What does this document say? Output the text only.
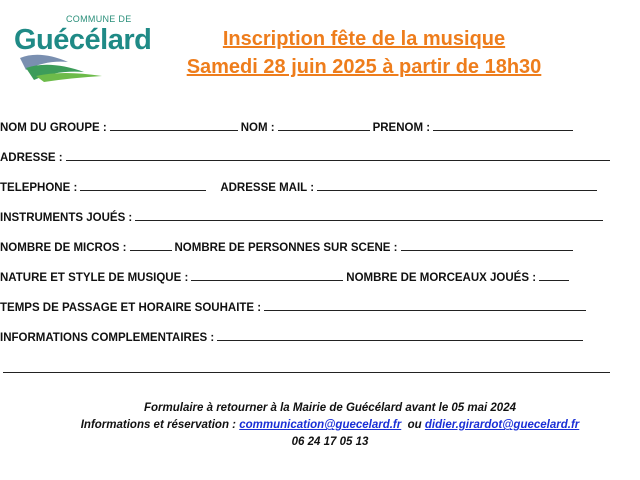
COMMUNE DE
Guécélard	Inscription fête de la musique
Samedi 28 juin 2025 à partir de 18h30
NOM DU GROUPE :	NOM :	PRENOM :
ADRESSE :
TELEPHONE :	ADRESSE MAIL :
INSTRUMENTS JOUÉS :
NOMBRE DE MICROS :	NOMBRE DE PERSONNES SUR SCENE :
NATURE ET STYLE DE MUSIQUE :	NOMBRE DE MORCEAUX JOUÉS :
TEMPS DE PASSAGE ET HORAIRE SOUHAITE :
INFORMATIONS COMPLEMENTAIRES :
Formulaire à retourner à la Mairie de Guécélard avant le 05 mai 2024
Informations et réservation : communication@guecelard.fr ou didier.girardot@guecelard.fr
06 24 17 05 13
